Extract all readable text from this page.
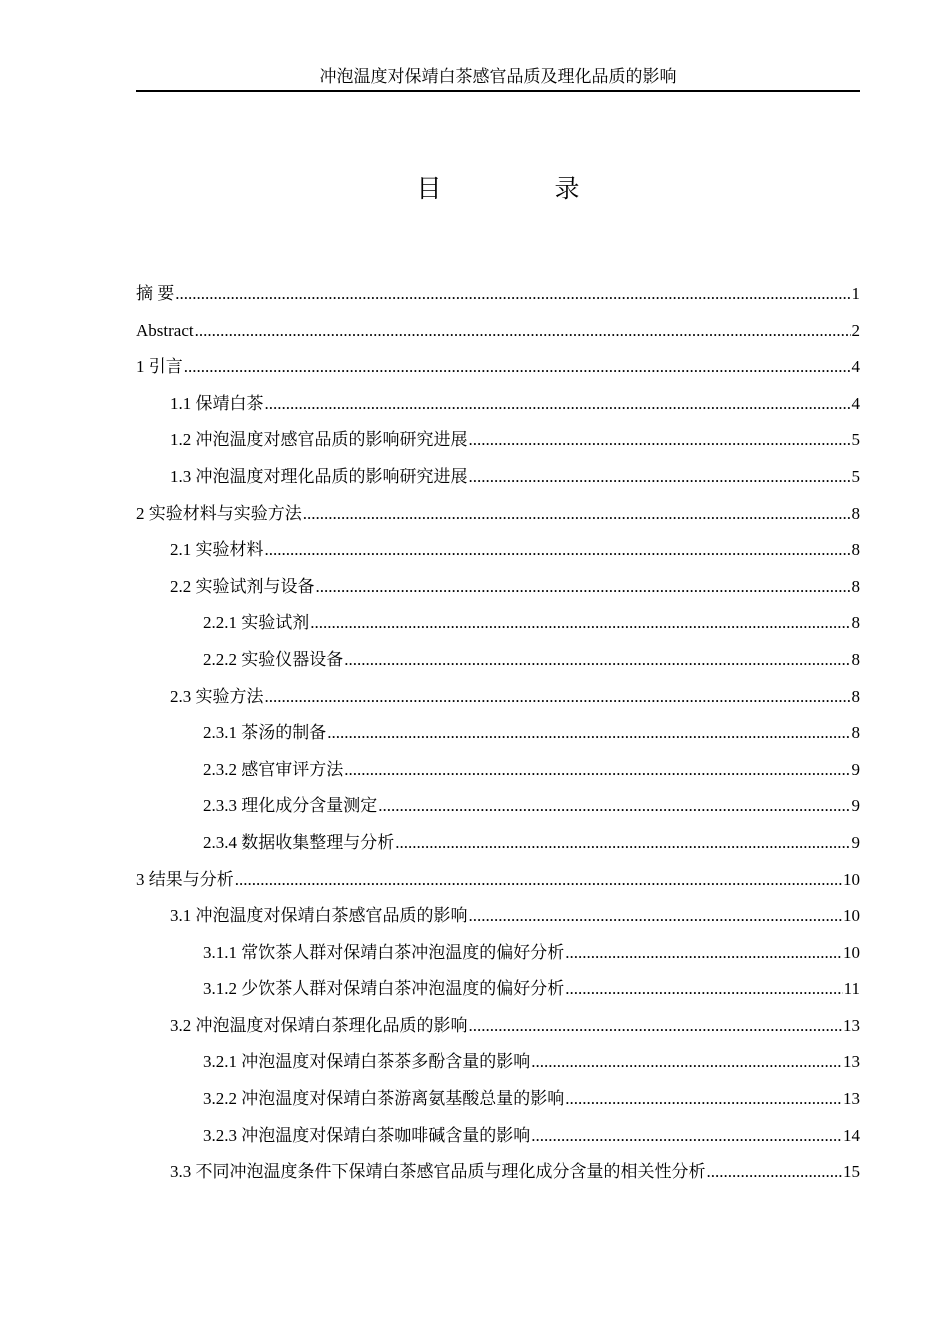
冲泡温度对保靖白茶感官品质及理化品质的影响
目　录
摘 要 .....	1
Abstract .....	2
1 引言 .....	4
1.1 保靖白茶 .....	4
1.2 冲泡温度对感官品质的影响研究进展 .....	5
1.3 冲泡温度对理化品质的影响研究进展 .....	5
2 实验材料与实验方法 .....	8
2.1 实验材料 .....	8
2.2 实验试剂与设备 .....	8
2.2.1 实验试剂 .....	8
2.2.2 实验仪器设备 .....	8
2.3 实验方法 .....	8
2.3.1 茶汤的制备 .....	8
2.3.2 感官审评方法 .....	9
2.3.3 理化成分含量测定 .....	9
2.3.4 数据收集整理与分析 .....	9
3 结果与分析 .....	10
3.1 冲泡温度对保靖白茶感官品质的影响 .....	10
3.1.1 常饮茶人群对保靖白茶冲泡温度的偏好分析 .....	10
3.1.2 少饮茶人群对保靖白茶冲泡温度的偏好分析 .....	11
3.2 冲泡温度对保靖白茶理化品质的影响 .....	13
3.2.1 冲泡温度对保靖白茶茶多酚含量的影响 .....	13
3.2.2 冲泡温度对保靖白茶游离氨基酸总量的影响 .....	13
3.2.3 冲泡温度对保靖白茶咖啡碱含量的影响 .....	14
3.3 不同冲泡温度条件下保靖白茶感官品质与理化成分含量的相关性分析 .....	15
